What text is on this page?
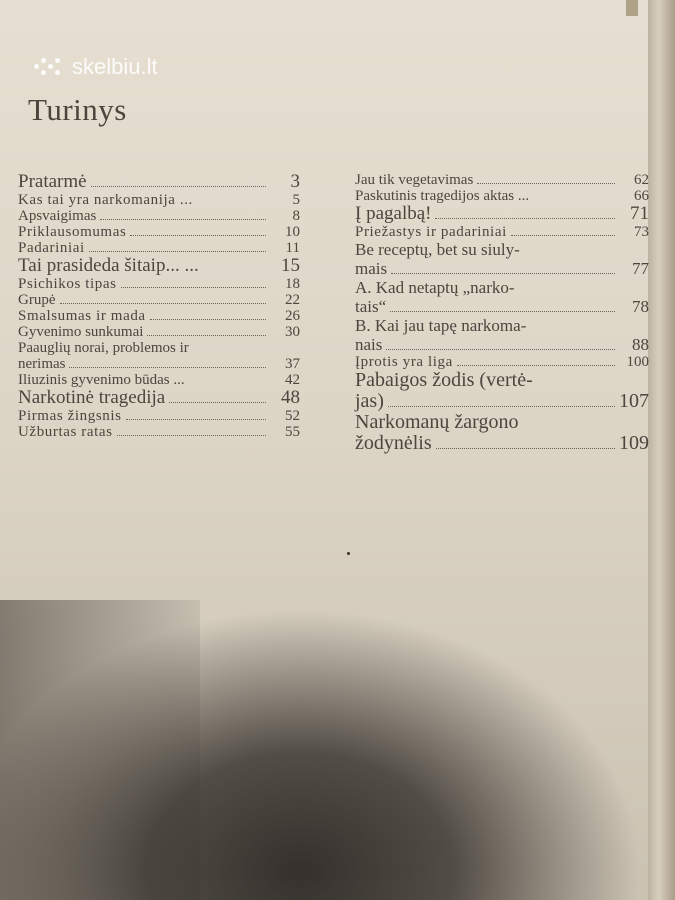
skelbiu.lt
Turinys
Pratarmė	3
Kas tai yra narkomanija ...	5
Apsvaigimas	8
Priklausomumas	10
Padariniai	11
Tai prasideda šitaip... ...	15
Psichikos tipas	18
Grupė	22
Smalsumas ir mada	26
Gyvenimo sunkumai	30
Paauglių norai, problemos ir
nerimas	37
Iliuzinis gyvenimo būdas ...	42
Narkotinė tragedija	48
Pirmas žingsnis	52
Užburtas ratas	55
Jau tik vegetavimas	62
Paskutinis tragedijos aktas ...	66
Į pagalbą!	71
Priežastys ir padariniai	73
Be receptų, bet su siuly-
mais	77
A. Kad netaptų „narko-
tais“	78
B. Kai jau tapę narkoma-
nais	88
Įprotis yra liga	100
Pabaigos žodis (vertė-
jas)	107
Narkomanų žargono
žodynėlis	109
